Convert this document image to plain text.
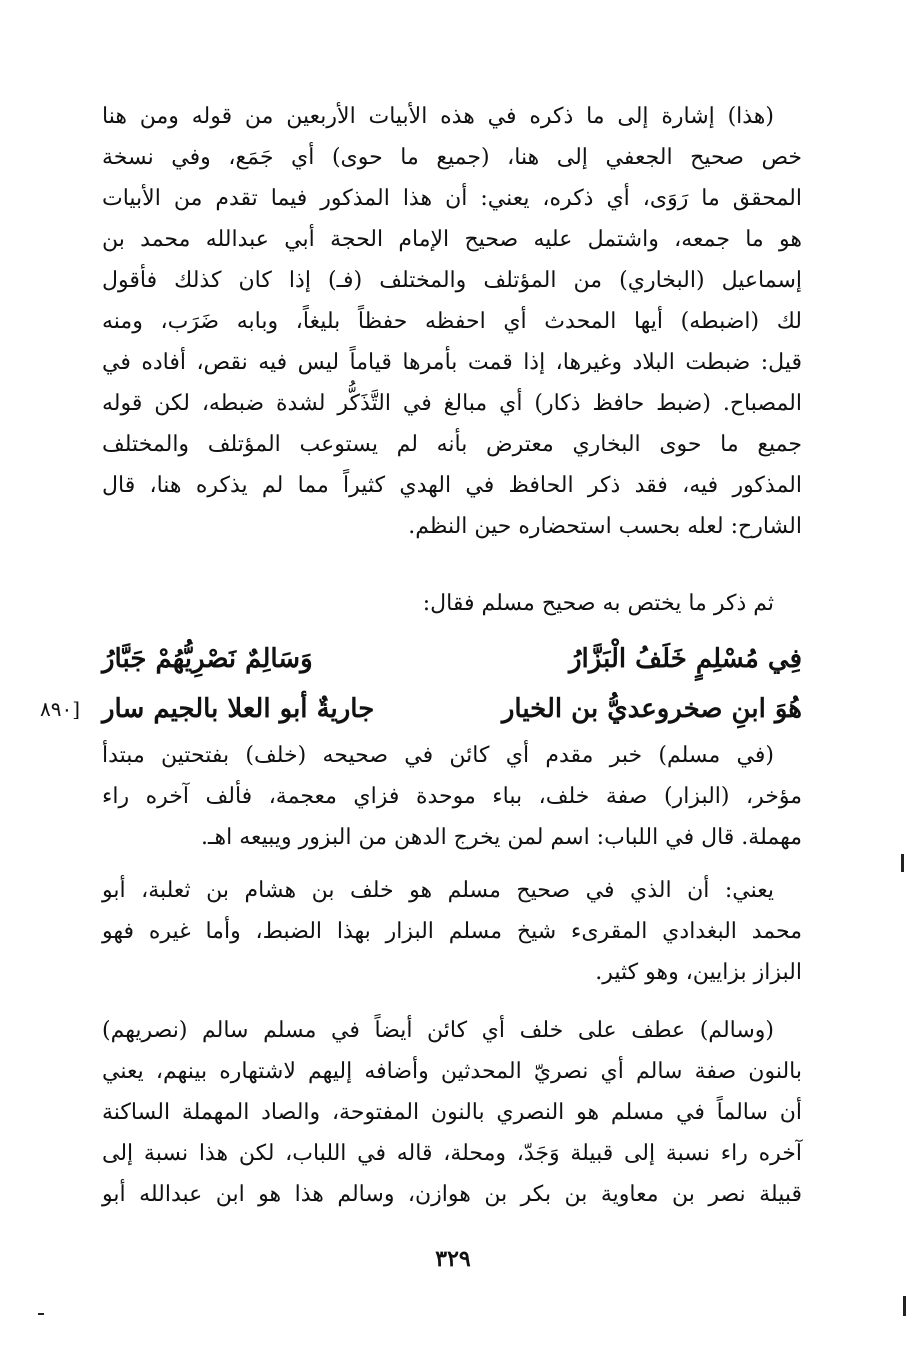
(هذا) إشارة إلى ما ذكره في هذه الأبيات الأربعين من قوله ومن هنا
خص صحيح الجعفي إلى هنا، (جميع ما حوى) أي جَمَع، وفي نسخة
المحقق ما رَوَى، أي ذكره، يعني: أن هذا المذكور فيما تقدم من الأبيات
هو ما جمعه، واشتمل عليه صحيح الإمام الحجة أبي عبدالله محمد بن
إسماعيل (البخاري) من المؤتلف والمختلف (فـ) إذا كان كذلك فأقول
لك (اضبطه) أيها المحدث أي احفظه حفظاً بليغاً، وبابه ضَرَب، ومنه
قيل: ضبطت البلاد وغيرها، إذا قمت بأمرها قياماً ليس فيه نقص، أفاده في
المصباح. (ضبط حافظ ذكار) أي مبالغ في التَّذَكُّر لشدة ضبطه، لكن قوله
جميع ما حوى البخاري معترض بأنه لم يستوعب المؤتلف والمختلف
المذكور فيه، فقد ذكر الحافظ في الهدي كثيراً مما لم يذكره هنا، قال
الشارح: لعله بحسب استحضاره حين النظم.
ثم ذكر ما يختص به صحيح مسلم فقال:
فِي مُسْلِمٍ خَلَفُ الْبَزَّارُ
وَسَالِمٌ نَصْرِيُّهُمْ جَبَّارُ
هُوَ ابنِ صخروعديُّ بن الخيار
جاريةٌ أبو العلا بالجيم سار
[٨٩٠
(في مسلم) خبر مقدم أي كائن في صحيحه (خلف) بفتحتين مبتدأ
مؤخر، (البزار) صفة خلف، بباء موحدة فزاي معجمة، فألف آخره راء
مهملة. قال في اللباب: اسم لمن يخرج الدهن من البزور ويبيعه اهـ.
يعني: أن الذي في صحيح مسلم هو خلف بن هشام بن ثعلبة، أبو
محمد البغدادي المقرىء شيخ مسلم البزار بهذا الضبط، وأما غيره فهو
البزاز بزايين، وهو كثير.
(وسالم) عطف على خلف أي كائن أيضاً في مسلم سالم (نصريهم)
بالنون صفة سالم أي نصريّ المحدثين وأضافه إليهم لاشتهاره بينهم، يعني
أن سالماً في مسلم هو النصري بالنون المفتوحة، والصاد المهملة الساكنة
آخره راء نسبة إلى قبيلة وَجَدّ، ومحلة، قاله في اللباب، لكن هذا نسبة إلى
قبيلة نصر بن معاوية بن بكر بن هوازن، وسالم هذا هو ابن عبدالله أبو
٣٢٩
